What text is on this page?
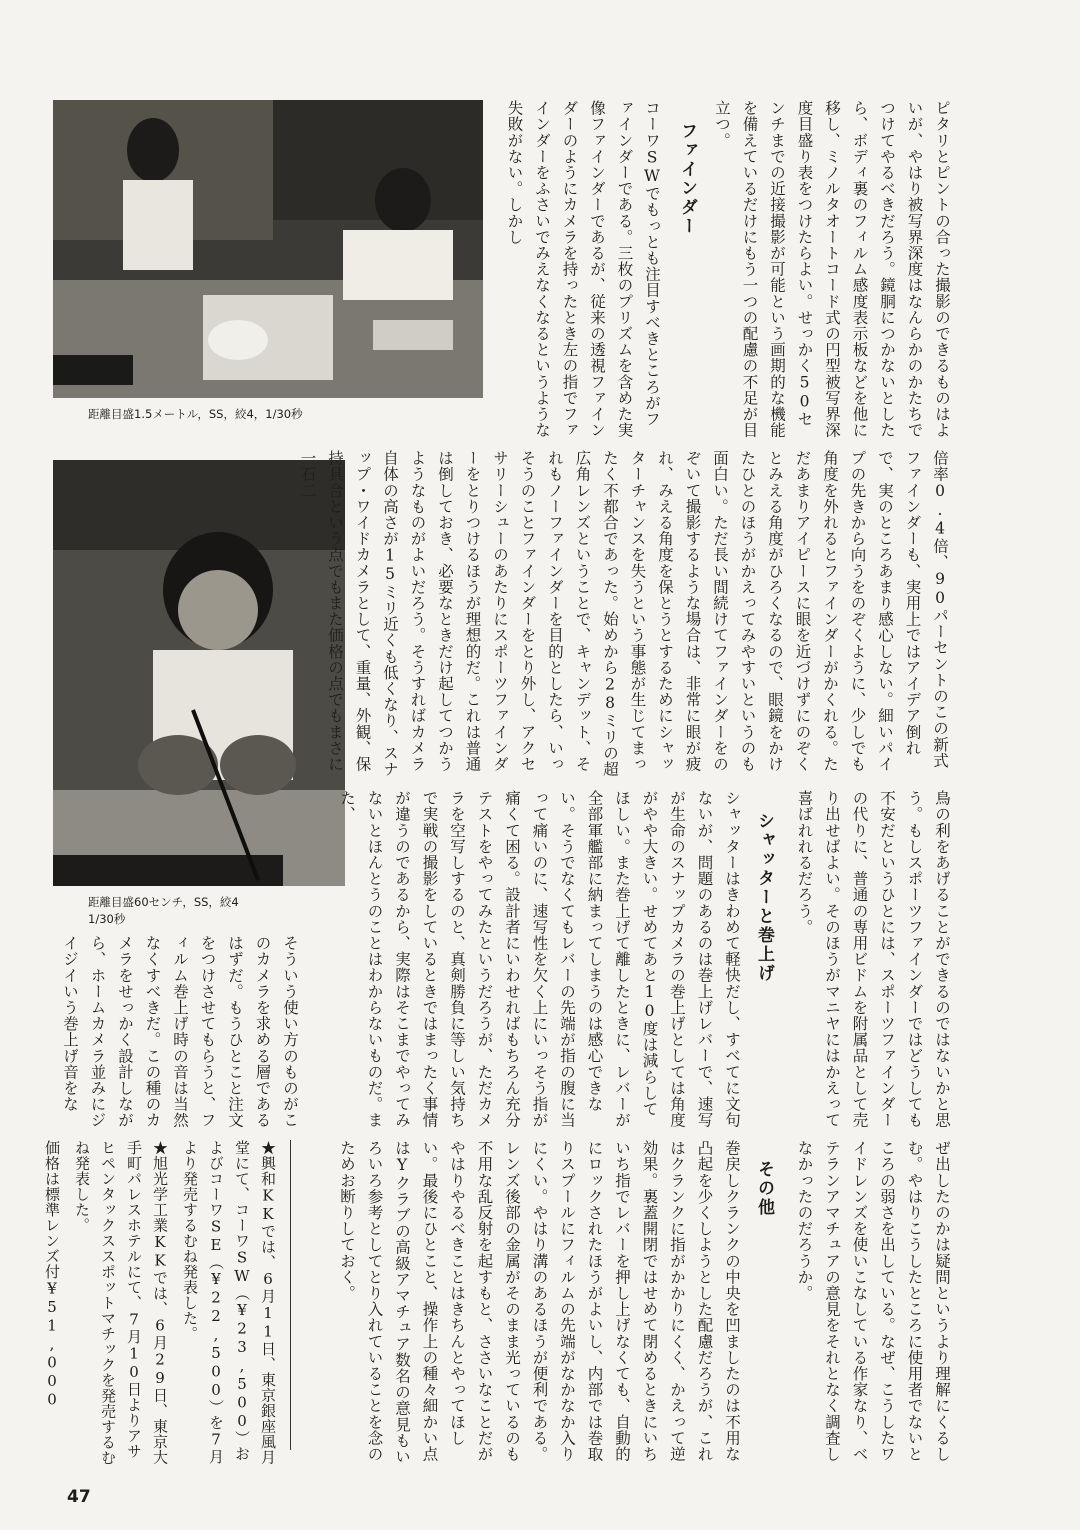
距離目盛1.5メートル，SS，絞4，1/30秒
距離目盛60センチ，SS，絞4
1/30秒

ピタリとピントの合った撮影のできるものはよいが、やはり被写界深度はなんらかのかたちでつけてやるべきだろう。鏡胴につかないとしたら、ボディ裏のフィルム感度表示板などを他に移し、ミノルタオートコード式の円型被写界深度目盛り表をつけたらよい。せっかく50センチまでの近接撮影が可能という画期的な機能を備えているだけにもう一つの配慮の不足が目立つ。

ファインダー

コーワSWでもっとも注目すべきところがファインダーである。三枚のプリズムを含めた実像ファインダーであるが、従来の透視ファインダーのようにカメラを持ったとき左の指でファインダーをふさいでみえなくなるというような失敗がない。しかし

倍率0.4倍、90パーセントのこの新式ファインダーも、実用上ではアイデア倒れで、実のところあまり感心しない。細いパイプの先きから向うをのぞくように、少しでも角度を外れるとファインダーがかくれる。ただあまりアイピースに眼を近づけずにのぞくとみえる角度がひろくなるので、眼鏡をかけたひとのほうがかえってみやすいというのも面白い。ただ長い間続けてファインダーをのぞいて撮影するような場合は、非常に眼が疲れ、みえる角度を保とうとするためにシャッターチャンスを失うという事態が生じてまったく不都合であった。始めから28ミリの超広角レンズということで、キャンデット、それもノーファインダーを目的としたら、いっそうのことファインダーをとり外し、アクセサリーシューのあたりにスポーツファインダーをとりつけるほうが理想的だ。これは普通は倒しておき、必要なときだけ起してつかうようなものがよいだろう。そうすればカメラ自体の高さが15ミリ近くも低くなり、スナップ・ワイドカメラとして、重量、外観、保持具合という点でもまた価格の点でもまさに一石二

鳥の利をあげることができるのではないかと思う。もしスポーツファインダーではどうしても不安だというひとには、スポーツファインダーの代りに、普通の専用ビドムを附属品として売り出せばよい。そのほうがマニヤにはかえって喜ばれれるだろう。

シャッターと巻上げ

シャッターはきわめて軽快だし、すべてに文句ないが、問題のあるのは巻上げレバーで、速写が生命のスナップカメラの巻上げとしては角度がやや大きい。せめてあと10度は減らしてほしい。また巻上げて離したときに、レバーが全部軍艦部に納まってしまうのは感心できない。そうでなくてもレバーの先端が指の腹に当って痛いのに、速写性を欠く上にいっそう指が痛くて困る。設計者にいわせればもちろん充分テストをやってみたというだろうが、ただカメラを空写しするのと、真剣勝負に等しい気持ちで実戦の撮影をしているときではまったく事情が違うのであるから、実際はそこまでやってみないとほんとうのことはわからないものだ。また、

そういう使い方のものがこのカメラを求める層であるはずだ。もうひとこと注文をつけさせてもらうと、フィルム巻上げ時の音は当然なくすべきだ。この種のカメラをせっかく設計しながら、ホームカメラ並みにジイジイいう巻上げ音をな

ぜ出したのかは疑問というより理解にくるしむ。やはりこうしたところに使用者でないところの弱さを出している。なぜ、こうしたワイドレンズを使いこなしている作家なり、ベテランアマチュアの意見をそれとなく調査しなかったのだろうか。

その他

巻戻しクランクの中央を凹ましたのは不用な凸起を少くしようとした配慮だろうが、これはクランクに指がかかりにくく、かえって逆効果。裏蓋開閉ではせめて閉めるときにいちいち指でレバーを押し上げなくても、自動的にロックされたほうがよいし、内部では巻取りスプールにフィルムの先端がなかなか入りにくい。やはり溝のあるほうが便利である。レンズ後部の金属がそのまま光っているのも不用な乱反射を起すもと、ささいなことだがやはりやるべきことはきちんとやってほしい。最後にひとこと、操作上の種々細かい点はYクラブの高級アマチュア数名の意見もいろいろ参考としてとり入れていることを念のためお断りしておく。

★興和KKでは、6月11日、東京銀座風月堂にて、コーワSW（¥23,500）およびコーワSE（¥22,500）を7月より発売するむね発表した。

★旭光学工業KKでは、6月29日、東京大手町パレスホテルにて、7月10日よりアサヒペンタックススポットマチックを発売するむね発表した。

価格は標準レンズ付¥51,000

47
